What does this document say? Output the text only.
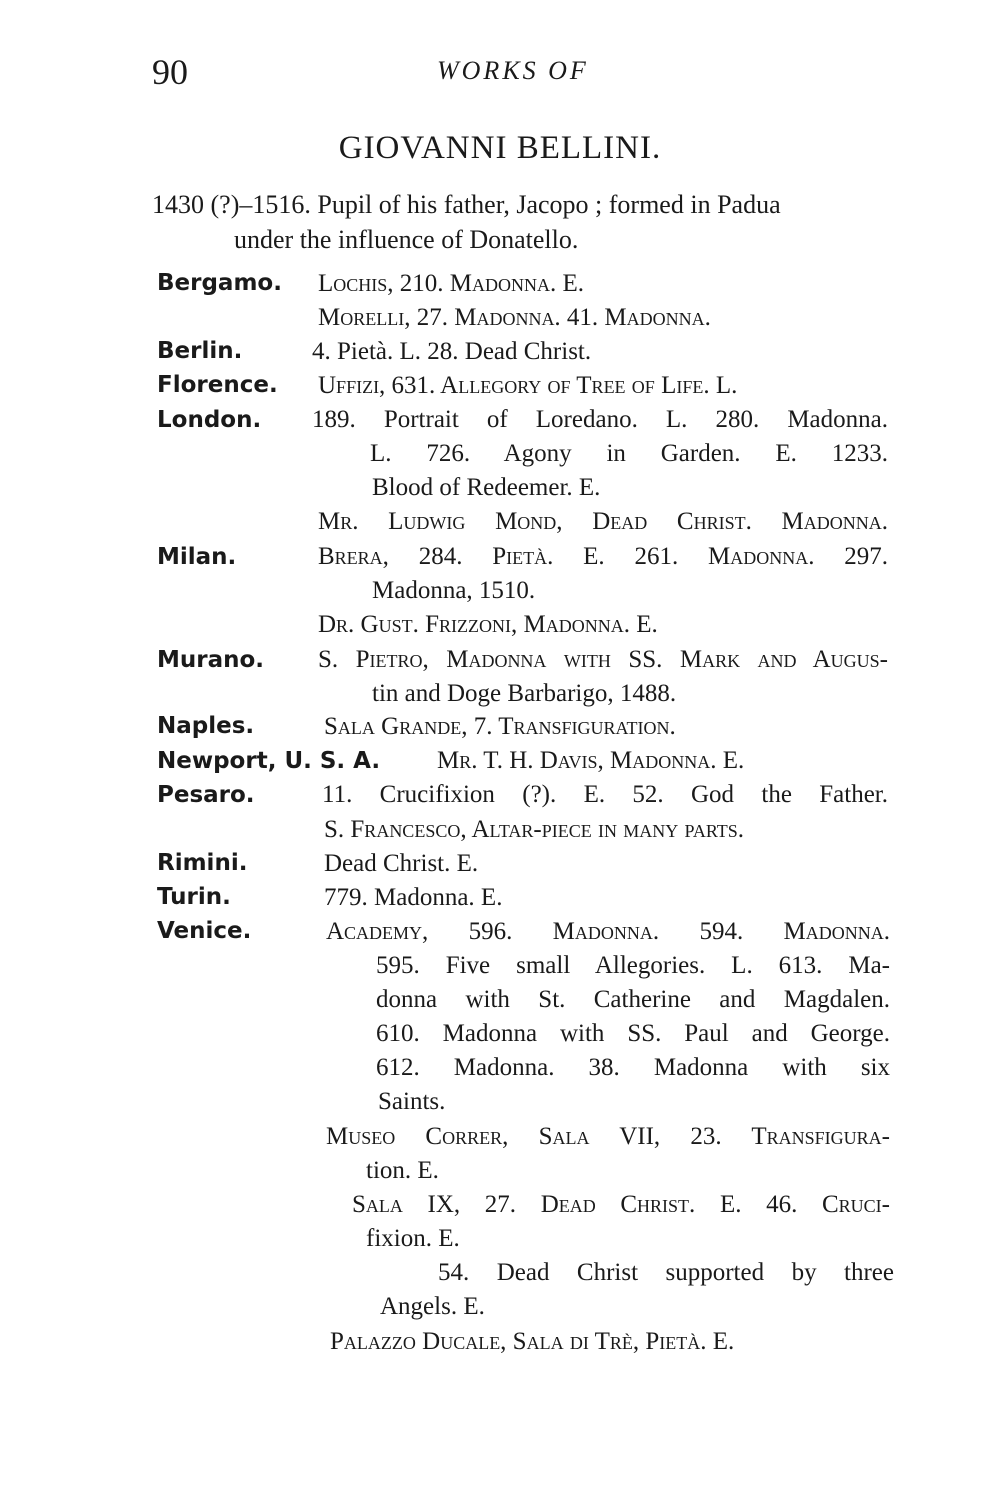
90	WORKS OF
GIOVANNI BELLINI.
1430 (?)–1516. Pupil of his father, Jacopo ; formed in Padua
under the influence of Donatello.
Bergamo.
Berlin.
Florence.
London.
Milan.
Murano.
Naples.
Newport, U. S. A.
Pesaro.
Rimini.
Turin.
Venice.
Lochis, 210. Madonna. E.
Morelli, 27. Madonna. 41. Madonna.
4. Pietà. L. 28. Dead Christ.
Uffizi, 631. Allegory of Tree of Life. L.
189. Portrait of Loredano. L. 280. Madonna.
L. 726. Agony in Garden. E. 1233.
Blood of Redeemer. E.
Mr. Ludwig Mond, Dead Christ. Madonna.
Brera, 284. Pietà. E. 261. Madonna. 297.
Madonna, 1510.
Dr. Gust. Frizzoni, Madonna. E.
S. Pietro, Madonna with SS. Mark and Augus-
tin and Doge Barbarigo, 1488.
Sala Grande, 7. Transfiguration.
Mr. T. H. Davis, Madonna. E.
11. Crucifixion (?). E. 52. God the Father.
S. Francesco, Altar-piece in many parts.
Dead Christ. E.
779. Madonna. E.
Academy, 596. Madonna. 594. Madonna.
595. Five small Allegories. L. 613. Ma-
donna with St. Catherine and Magdalen.
610. Madonna with SS. Paul and George.
612. Madonna. 38. Madonna with six
Saints.
Museo Correr, Sala VII, 23. Transfigura-
tion. E.
Sala IX, 27. Dead Christ. E. 46. Cruci-
fixion. E.
54. Dead Christ supported by three
Angels. E.
Palazzo Ducale, Sala di Trè, Pietà. E.
